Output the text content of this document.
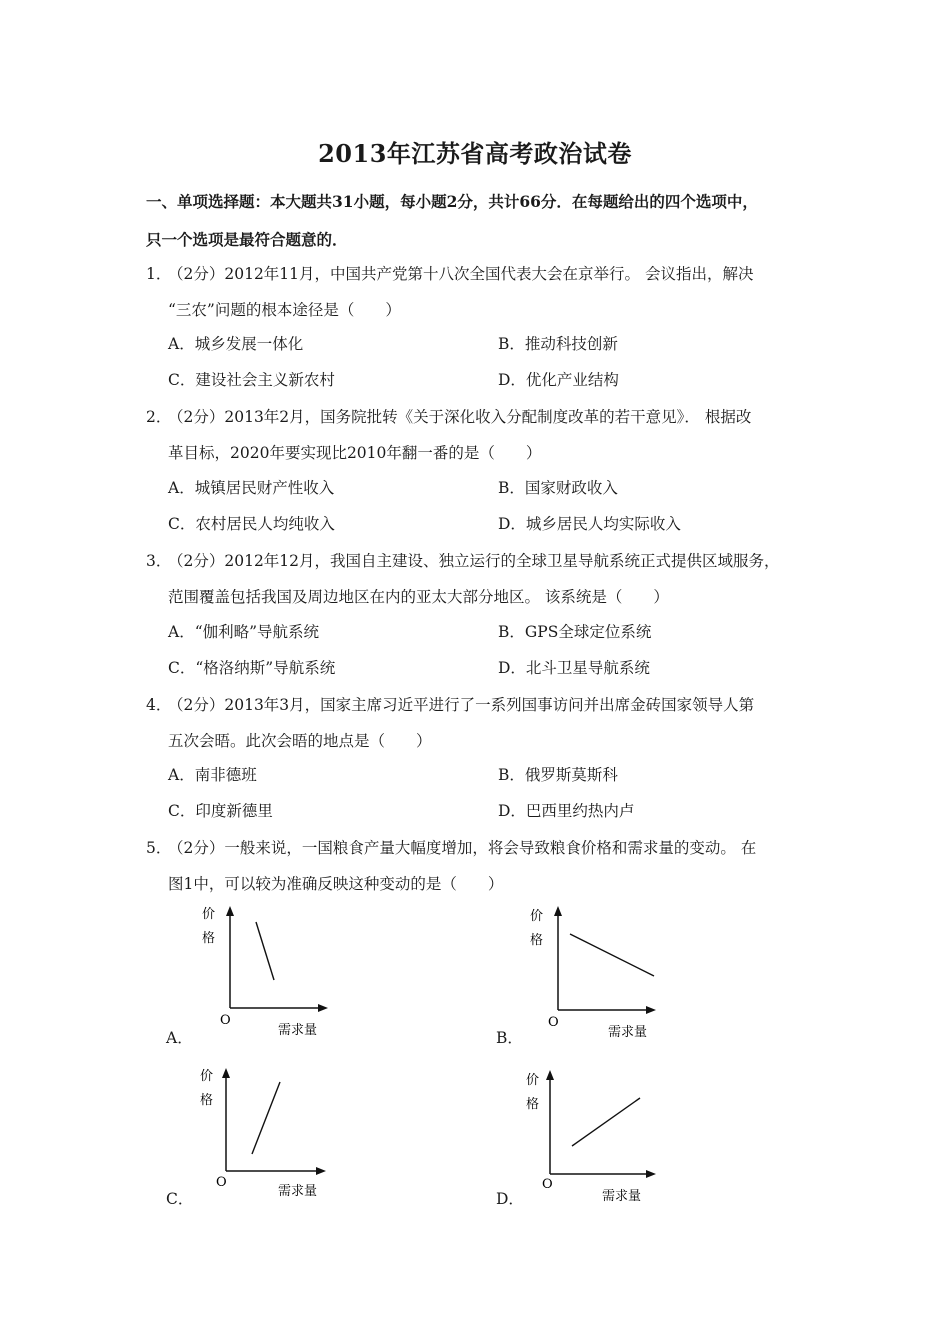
2013年江苏省高考政治试卷
一、单项选择题：本大题共31小题，每小题2分，共计66分．在每题给出的四个选项中，
只一个选项是最符合题意的．
1．
（2分）2012年11月，中国共产党第十八次全国代表大会在京举行。 会议指出，解决
“三农”问题的根本途径是（　　）
A．城乡发展一体化	B．推动科技创新
C．建设社会主义新农村	D．优化产业结构
2．
（2分）2013年2月，国务院批转《关于深化收入分配制度改革的若干意见》． 根据改
革目标，2020年要实现比2010年翻一番的是（　　）
A．城镇居民财产性收入	B．国家财政收入
C．农村居民人均纯收入	D．城乡居民人均实际收入
3．
（2分）2012年12月，我国自主建设、独立运行的全球卫星导航系统正式提供区域服务，
范围覆盖包括我国及周边地区在内的亚太大部分地区。 该系统是（　　）
A．“伽利略”导航系统	B．GPS全球定位系统
C．“格洛纳斯”导航系统	D．北斗卫星导航系统
4．
（2分）2013年3月，国家主席习近平进行了一系列国事访问并出席金砖国家领导人第
五次会晤。此次会晤的地点是（　　）
A．南非德班	B．俄罗斯莫斯科
C．印度新德里	D．巴西里约热内卢
5．
（2分）一般来说，一国粮食产量大幅度增加，将会导致粮食价格和需求量的变动。 在
图1中，可以较为准确反映这种变动的是（　　）
A．	B．
C．	D．
价
格
O
需求量
价
格
O
需求量
价
格
O
需求量
价
格
O
需求量
